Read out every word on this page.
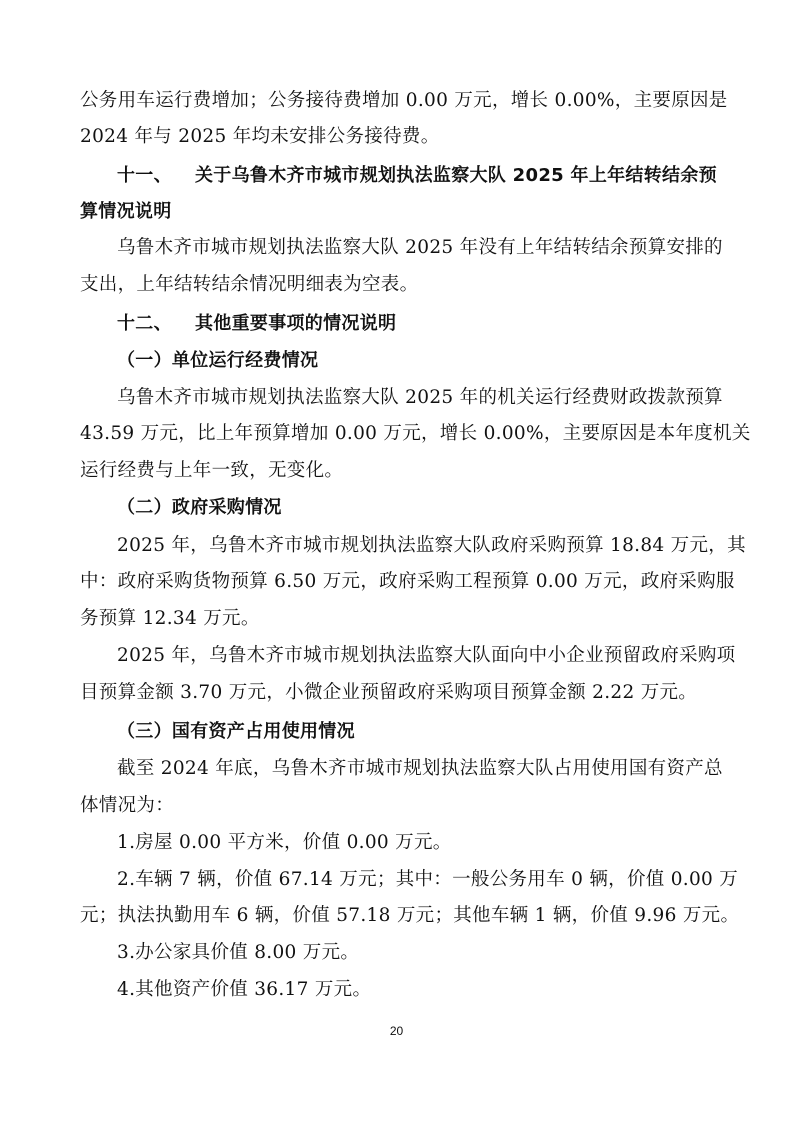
公务用车运行费增加；公务接待费增加 0.00 万元，增长 0.00%，主要原因是
2024 年与 2025 年均未安排公务接待费。
十一、 关于乌鲁木齐市城市规划执法监察大队 2025 年上年结转结余预
算情况说明
乌鲁木齐市城市规划执法监察大队 2025 年没有上年结转结余预算安排的
支出，上年结转结余情况明细表为空表。
十二、 其他重要事项的情况说明
（一）单位运行经费情况
乌鲁木齐市城市规划执法监察大队 2025 年的机关运行经费财政拨款预算
43.59 万元，比上年预算增加 0.00 万元，增长 0.00%，主要原因是本年度机关
运行经费与上年一致，无变化。
（二）政府采购情况
2025 年，乌鲁木齐市城市规划执法监察大队政府采购预算 18.84 万元，其
中：政府采购货物预算 6.50 万元，政府采购工程预算 0.00 万元，政府采购服
务预算 12.34 万元。
2025 年，乌鲁木齐市城市规划执法监察大队面向中小企业预留政府采购项
目预算金额 3.70 万元，小微企业预留政府采购项目预算金额 2.22 万元。
（三）国有资产占用使用情况
截至 2024 年底，乌鲁木齐市城市规划执法监察大队占用使用国有资产总
体情况为：
1.房屋 0.00 平方米，价值 0.00 万元。
2.车辆 7 辆，价值 67.14 万元；其中：一般公务用车 0 辆，价值 0.00 万
元；执法执勤用车 6 辆，价值 57.18 万元；其他车辆 1 辆，价值 9.96 万元。
3.办公家具价值 8.00 万元。
4.其他资产价值 36.17 万元。
20
